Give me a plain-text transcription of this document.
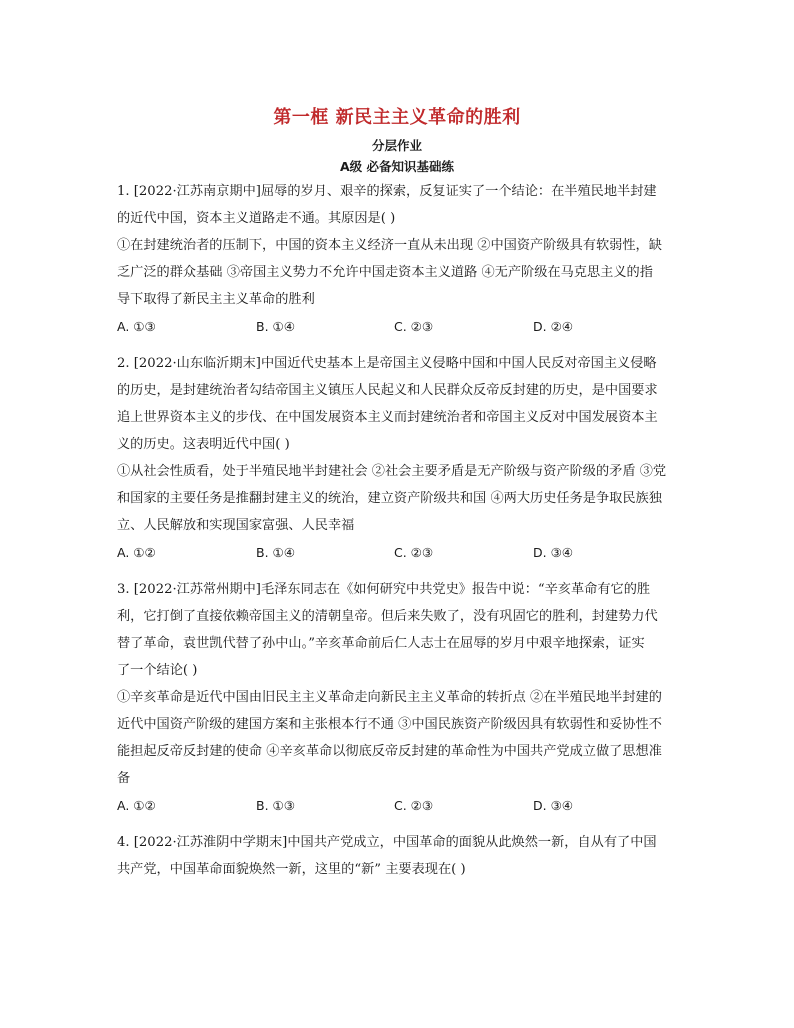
第一框 新民主主义革命的胜利
分层作业
A级 必备知识基础练
1. [2022·江苏南京期中]屈辱的岁月、艰辛的探索，反复证实了一个结论：在半殖民地半封建
的近代中国，资本主义道路走不通。其原因是( )
①在封建统治者的压制下，中国的资本主义经济一直从未出现 ②中国资产阶级具有软弱性，缺
乏广泛的群众基础 ③帝国主义势力不允许中国走资本主义道路 ④无产阶级在马克思主义的指
导下取得了新民主主义革命的胜利
A. ①③	B. ①④	C. ②③	D. ②④
2. [2022·山东临沂期末]中国近代史基本上是帝国主义侵略中国和中国人民反对帝国主义侵略
的历史，是封建统治者勾结帝国主义镇压人民起义和人民群众反帝反封建的历史，是中国要求
追上世界资本主义的步伐、在中国发展资本主义而封建统治者和帝国主义反对中国发展资本主
义的历史。这表明近代中国( )
①从社会性质看，处于半殖民地半封建社会 ②社会主要矛盾是无产阶级与资产阶级的矛盾 ③党
和国家的主要任务是推翻封建主义的统治，建立资产阶级共和国 ④两大历史任务是争取民族独
立、人民解放和实现国家富强、人民幸福
A. ①②	B. ①④	C. ②③	D. ③④
3. [2022·江苏常州期中]毛泽东同志在《如何研究中共党史》报告中说：“辛亥革命有它的胜
利，它打倒了直接依赖帝国主义的清朝皇帝。但后来失败了，没有巩固它的胜利，封建势力代
替了革命，袁世凯代替了孙中山。”辛亥革命前后仁人志士在屈辱的岁月中艰辛地探索，证实
了一个结论( )
①辛亥革命是近代中国由旧民主主义革命走向新民主主义革命的转折点 ②在半殖民地半封建的
近代中国资产阶级的建国方案和主张根本行不通 ③中国民族资产阶级因具有软弱性和妥协性不
能担起反帝反封建的使命 ④辛亥革命以彻底反帝反封建的革命性为中国共产党成立做了思想准
备
A. ①②	B. ①③	C. ②③	D. ③④
4. [2022·江苏淮阴中学期末]中国共产党成立，中国革命的面貌从此焕然一新，自从有了中国
共产党，中国革命面貌焕然一新，这里的“新” 主要表现在( )
